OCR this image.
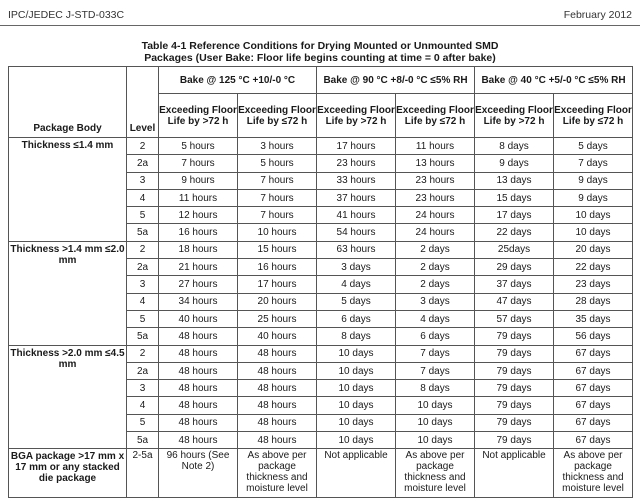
IPC/JEDEC J-STD-033C	February 2012
Table 4-1 Reference Conditions for Drying Mounted or Unmounted SMD
Packages (User Bake: Floor life begins counting at time = 0 after bake)
Package Body	Level	Bake @ 125 °C +10/-0 °C		Bake @ 90 °C +8/-0 °C ≤5% RH		Bake @ 40 °C +5/-0 °C ≤5% RH	
		Exceeding Floor Life by >72 h	Exceeding Floor Life by ≤72 h	Exceeding Floor Life by >72 h	Exceeding Floor Life by ≤72 h	Exceeding Floor Life by >72 h	Exceeding Floor Life by ≤72 h
Thickness ≤1.4 mm	2	5 hours	3 hours	17 hours	11 hours	8 days	5 days
	2a	7 hours	5 hours	23 hours	13 hours	9 days	7 days
	3	9 hours	7 hours	33 hours	23 hours	13 days	9 days
	4	11 hours	7 hours	37 hours	23 hours	15 days	9 days
	5	12 hours	7 hours	41 hours	24 hours	17 days	10 days
	5a	16 hours	10 hours	54 hours	24 hours	22 days	10 days
Thickness >1.4 mm ≤2.0 mm	2	18 hours	15 hours	63 hours	2 days	25days	20 days
	2a	21 hours	16 hours	3 days	2 days	29 days	22 days
	3	27 hours	17 hours	4 days	2 days	37 days	23 days
	4	34 hours	20 hours	5 days	3 days	47 days	28 days
	5	40 hours	25 hours	6 days	4 days	57 days	35 days
	5a	48 hours	40 hours	8 days	6 days	79 days	56 days
Thickness >2.0 mm ≤4.5 mm	2	48 hours	48 hours	10 days	7 days	79 days	67 days
	2a	48 hours	48 hours	10 days	7 days	79 days	67 days
	3	48 hours	48 hours	10 days	8 days	79 days	67 days
	4	48 hours	48 hours	10 days	10 days	79 days	67 days
	5	48 hours	48 hours	10 days	10 days	79 days	67 days
	5a	48 hours	48 hours	10 days	10 days	79 days	67 days
BGA package >17 mm x 17 mm or any stacked die package	2-5a	96 hours (See Note 2)	As above per package thickness and moisture level	Not applicable	As above per package thickness and moisture level	Not applicable	As above per package thickness and moisture level
